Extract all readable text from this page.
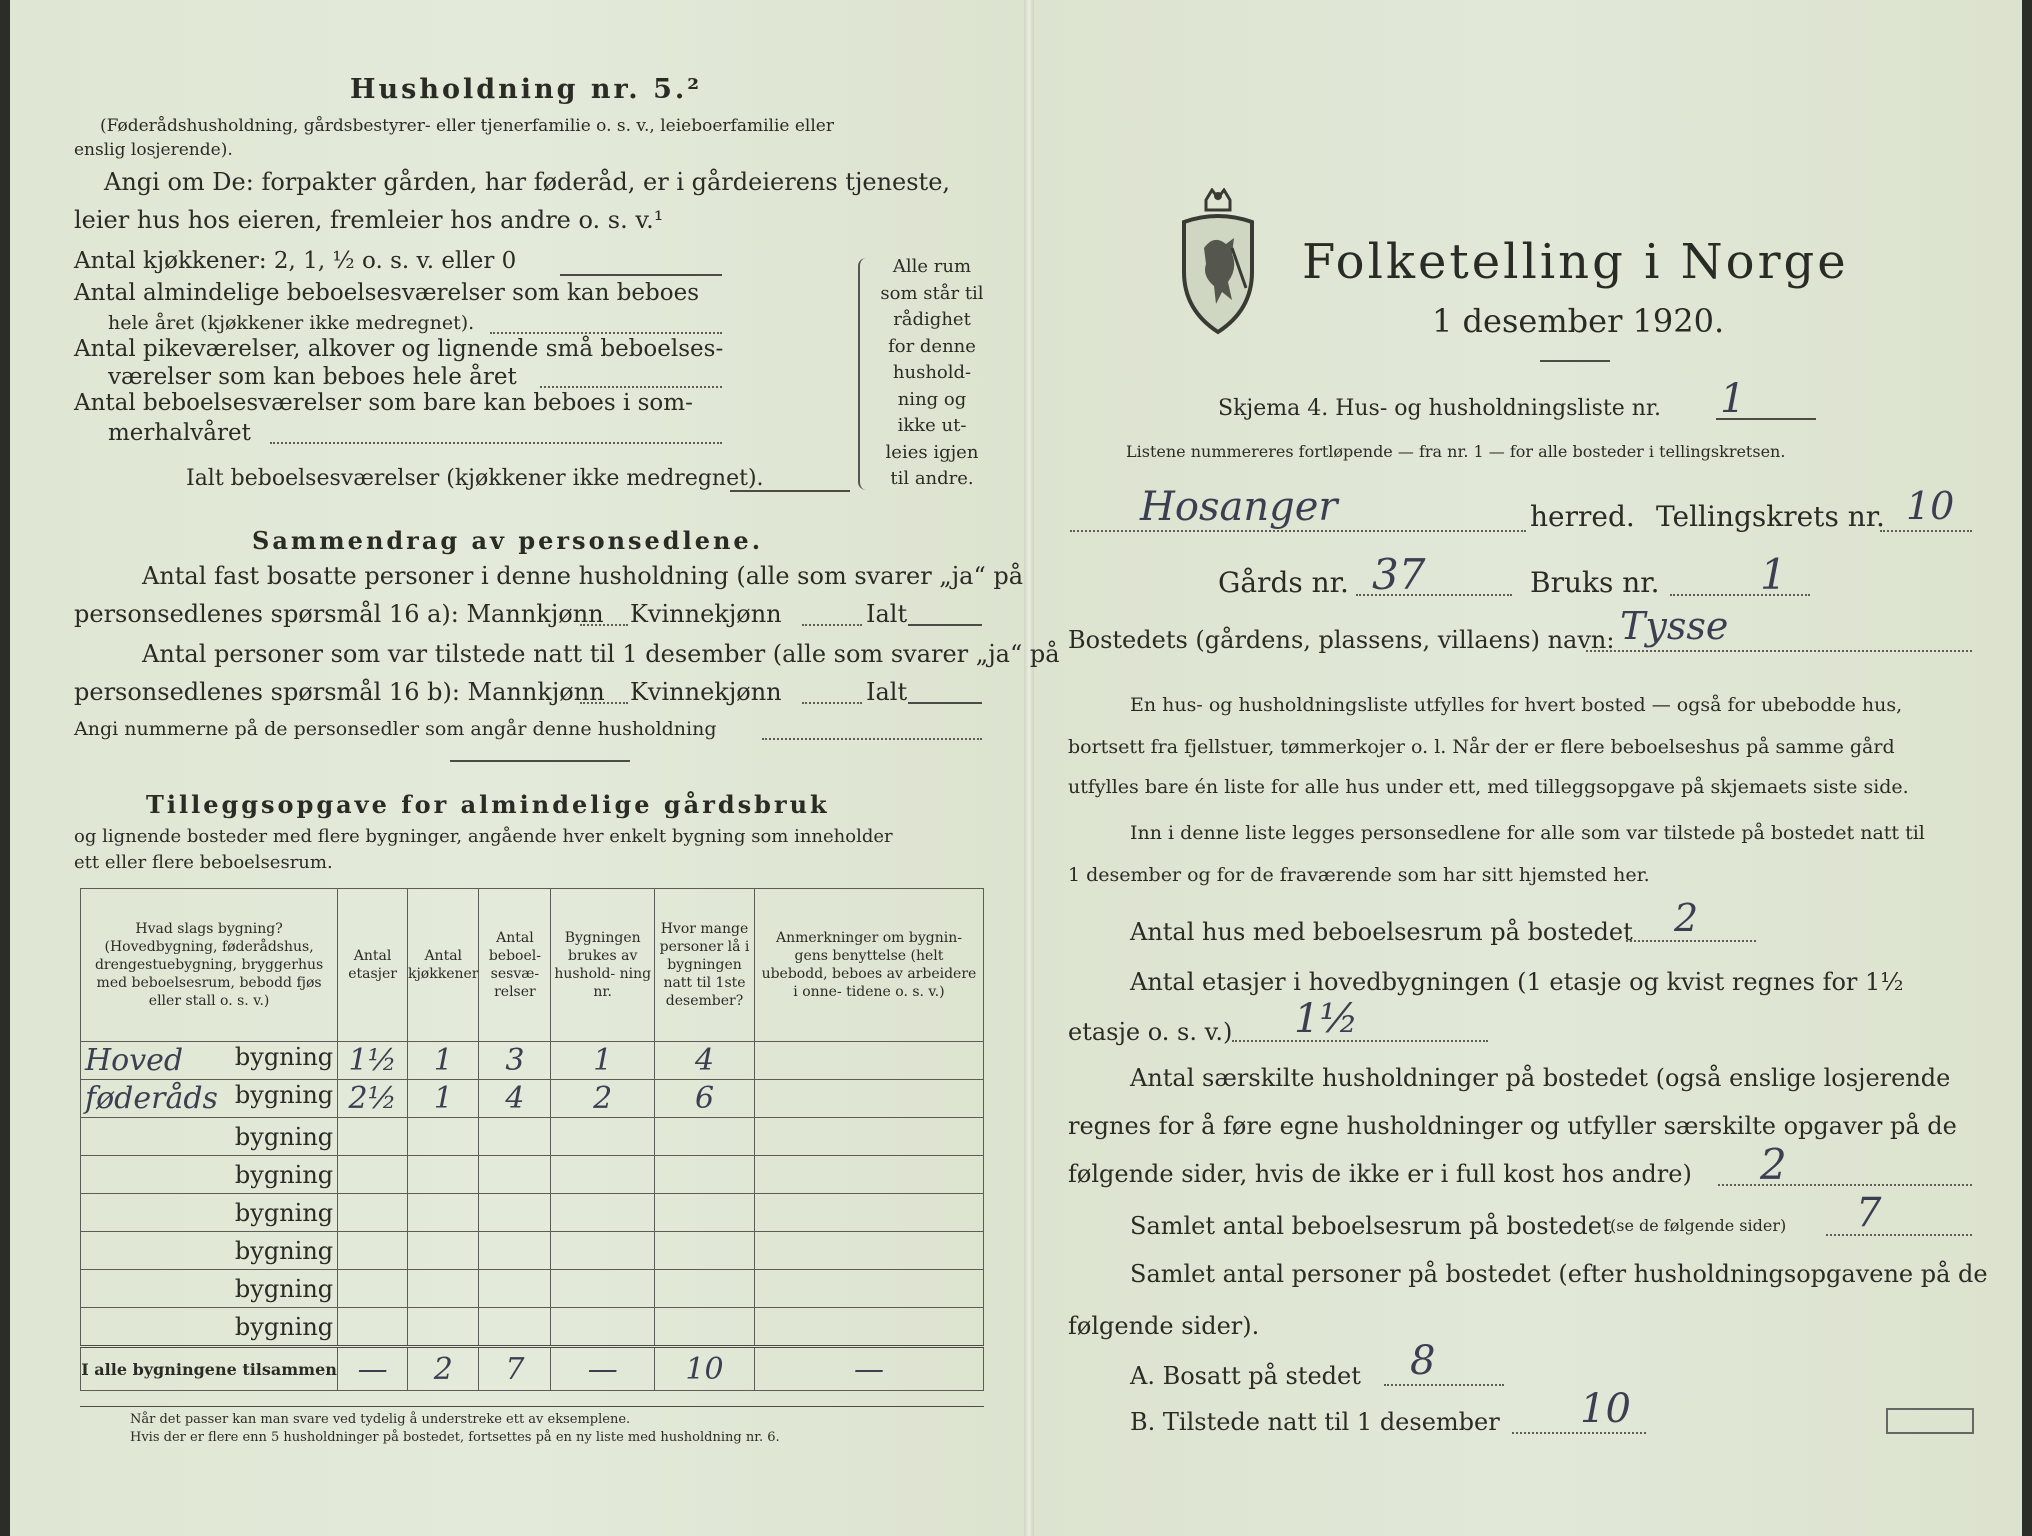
Husholdning nr. 5.²
(Føderådshusholdning, gårdsbestyrer- eller tjenerfamilie o. s. v., leieboerfamilie eller
enslig losjerende).
Angi om De: forpakter gården, har føderåd, er i gårdeierens tjeneste,
leier hus hos eieren, fremleier hos andre o. s. v.¹
Antal kjøkkener: 2, 1, ½ o. s. v. eller 0
Antal almindelige beboelsesværelser som kan beboes
hele året (kjøkkener ikke medregnet).
Antal pikeværelser, alkover og lignende små beboelses-
værelser som kan beboes hele året
Antal beboelsesværelser som bare kan beboes i som-
merhalvåret
Ialt beboelsesværelser (kjøkkener ikke medregnet).
Alle rum
som står til
rådighet
for denne
hushold-
ning og
ikke ut-
leies igjen
til andre.
Sammendrag av personsedlene.
Antal fast bosatte personer i denne husholdning (alle som svarer „ja“ på
personsedlenes spørsmål 16 a): Mannkjønn Kvinnekjønn	Ialt
Antal personer som var tilstede natt til 1 desember (alle som svarer „ja“ på
personsedlenes spørsmål 16 b): Mannkjønn Kvinnekjønn	Ialt
Angi nummerne på de personsedler som angår denne husholdning
Tilleggsopgave for almindelige gårdsbruk
og lignende bosteder med flere bygninger, angående hver enkelt bygning som inneholder
ett eller flere beboelsesrum.
Hvad slags bygning? (Hovedbygning, føderådshus, drengestuebygning, bryggerhus med beboelsesrum, bebodd fjøs eller stall o. s. v.)	Antal etasjer	Antal kjøkkener	Antal beboel- sesvæ- relser	Bygningen brukes av hushold- ning nr.	Hvor mange personer lå i bygningen natt til 1ste desember?	Anmerkninger om bygnin- gens benyttelse (helt ubebodd, beboes av arbeidere i onne- tidene o. s. v.)

Hoved bygning	1½	1	3	1	4	

føderåds bygning	2½	1	4	2	6	
bygning						
bygning						
bygning						
bygning						
bygning						
bygning						
I alle bygningene tilsammen	—	2	7	—	10	—
Når det passer kan man svare ved tydelig å understreke ett av eksemplene.
Hvis der er flere enn 5 husholdninger på bostedet, fortsettes på en ny liste med husholdning nr. 6.
Folketelling i Norge
1 desember 1920.
Skjema 4. Hus- og husholdningsliste nr. 1
Listene nummereres fortløpende — fra nr. 1 — for alle bosteder i tellingskretsen.
Hosanger	herred. Tellingskrets nr. 10
Gårds nr. 37	Bruks nr. 1
Bostedets (gårdens, plassens, villaens) navn: Tysse
En hus- og husholdningsliste utfylles for hvert bosted — også for ubebodde hus,
bortsett fra fjellstuer, tømmerkojer o. l. Når der er flere beboelseshus på samme gård
utfylles bare én liste for alle hus under ett, med tilleggsopgave på skjemaets siste side.
Inn i denne liste legges personsedlene for alle som var tilstede på bostedet natt til
1 desember og for de fraværende som har sitt hjemsted her.
Antal hus med beboelsesrum på bostedet 2
Antal etasjer i hovedbygningen (1 etasje og kvist regnes for 1½
etasje o. s. v.) 1½
Antal særskilte husholdninger på bostedet (også enslige losjerende
regnes for å føre egne husholdninger og utfyller særskilte opgaver på de
følgende sider, hvis de ikke er i full kost hos andre) 2
Samlet antal beboelsesrum på bostedet
(se de følgende sider) 7
Samlet antal personer på bostedet (efter husholdningsopgavene på de
følgende sider).
A. Bosatt på stedet 8
B. Tilstede natt til 1 desember 10
